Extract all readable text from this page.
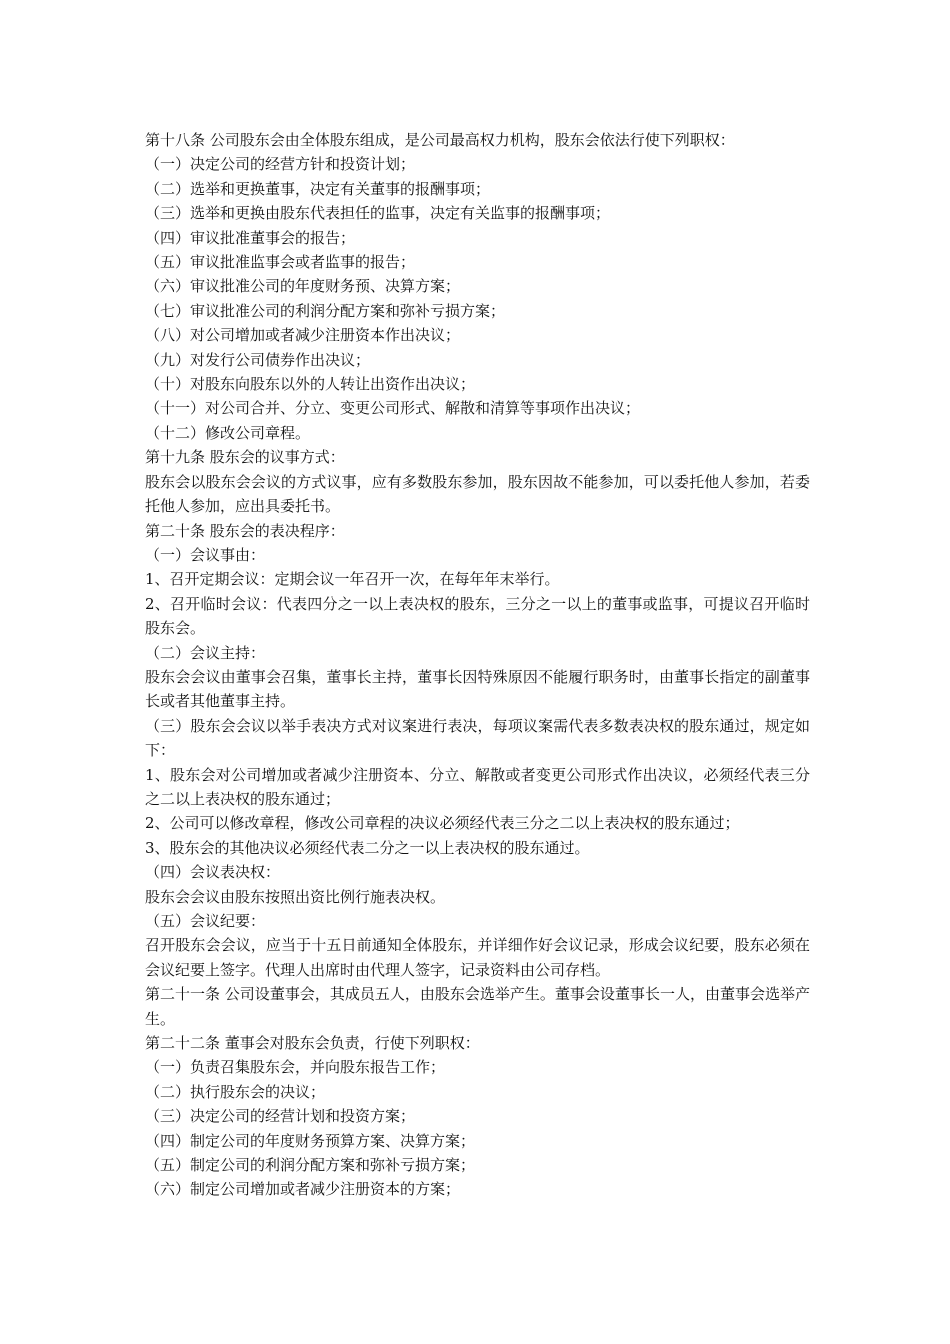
第十八条 公司股东会由全体股东组成，是公司最高权力机构，股东会依法行使下列职权：

（一）决定公司的经营方针和投资计划；

（二）选举和更换董事，决定有关董事的报酬事项；

（三）选举和更换由股东代表担任的监事，决定有关监事的报酬事项；

（四）审议批准董事会的报告；

（五）审议批准监事会或者监事的报告；

（六）审议批准公司的年度财务预、决算方案；

（七）审议批准公司的利润分配方案和弥补亏损方案；

（八）对公司增加或者减少注册资本作出决议；

（九）对发行公司债券作出决议；

（十）对股东向股东以外的人转让出资作出决议；

（十一）对公司合并、分立、变更公司形式、解散和清算等事项作出决议；

（十二）修改公司章程。

第十九条 股东会的议事方式：

股东会以股东会会议的方式议事，应有多数股东参加，股东因故不能参加，可以委托他人参加，若委托他人参加，应出具委托书。

第二十条 股东会的表决程序：

（一）会议事由：

1、召开定期会议：定期会议一年召开一次，在每年年末举行。

2、召开临时会议：代表四分之一以上表决权的股东，三分之一以上的董事或监事，可提议召开临时股东会。

（二）会议主持：

股东会会议由董事会召集，董事长主持，董事长因特殊原因不能履行职务时，由董事长指定的副董事长或者其他董事主持。

（三）股东会会议以举手表决方式对议案进行表决，每项议案需代表多数表决权的股东通过，规定如下：

1、股东会对公司增加或者减少注册资本、分立、解散或者变更公司形式作出决议，必须经代表三分之二以上表决权的股东通过；

2、公司可以修改章程，修改公司章程的决议必须经代表三分之二以上表决权的股东通过；

3、股东会的其他决议必须经代表二分之一以上表决权的股东通过。

（四）会议表决权：

股东会会议由股东按照出资比例行施表决权。

（五）会议纪要：

召开股东会会议，应当于十五日前通知全体股东，并详细作好会议记录，形成会议纪要，股东必须在会议纪要上签字。代理人出席时由代理人签字，记录资料由公司存档。

第二十一条 公司设董事会，其成员五人，由股东会选举产生。董事会设董事长一人，由董事会选举产生。

第二十二条 董事会对股东会负责，行使下列职权：

（一）负责召集股东会，并向股东报告工作；

（二）执行股东会的决议；

（三）决定公司的经营计划和投资方案；

（四）制定公司的年度财务预算方案、决算方案；

（五）制定公司的利润分配方案和弥补亏损方案；

（六）制定公司增加或者减少注册资本的方案；
